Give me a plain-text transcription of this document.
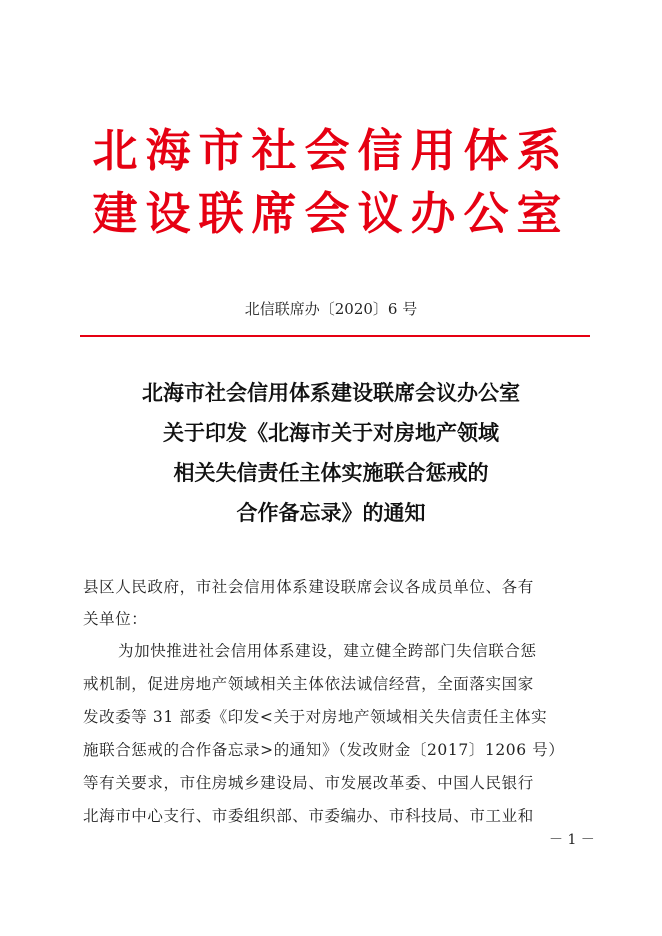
北海市社会信用体系
建设联席会议办公室
北信联席办〔2020〕6 号
北海市社会信用体系建设联席会议办公室
关于印发《北海市关于对房地产领域
相关失信责任主体实施联合惩戒的
合作备忘录》的通知
县区人民政府，市社会信用体系建设联席会议各成员单位、各有
关单位：
为加快推进社会信用体系建设，建立健全跨部门失信联合惩
戒机制，促进房地产领域相关主体依法诚信经营，全面落实国家
发改委等 31 部委《印发<关于对房地产领域相关失信责任主体实
施联合惩戒的合作备忘录>的通知》（发改财金〔2017〕1206 号）
等有关要求，市住房城乡建设局、市发展改革委、中国人民银行
北海市中心支行、市委组织部、市委编办、市科技局、市工业和
－ 1 －
